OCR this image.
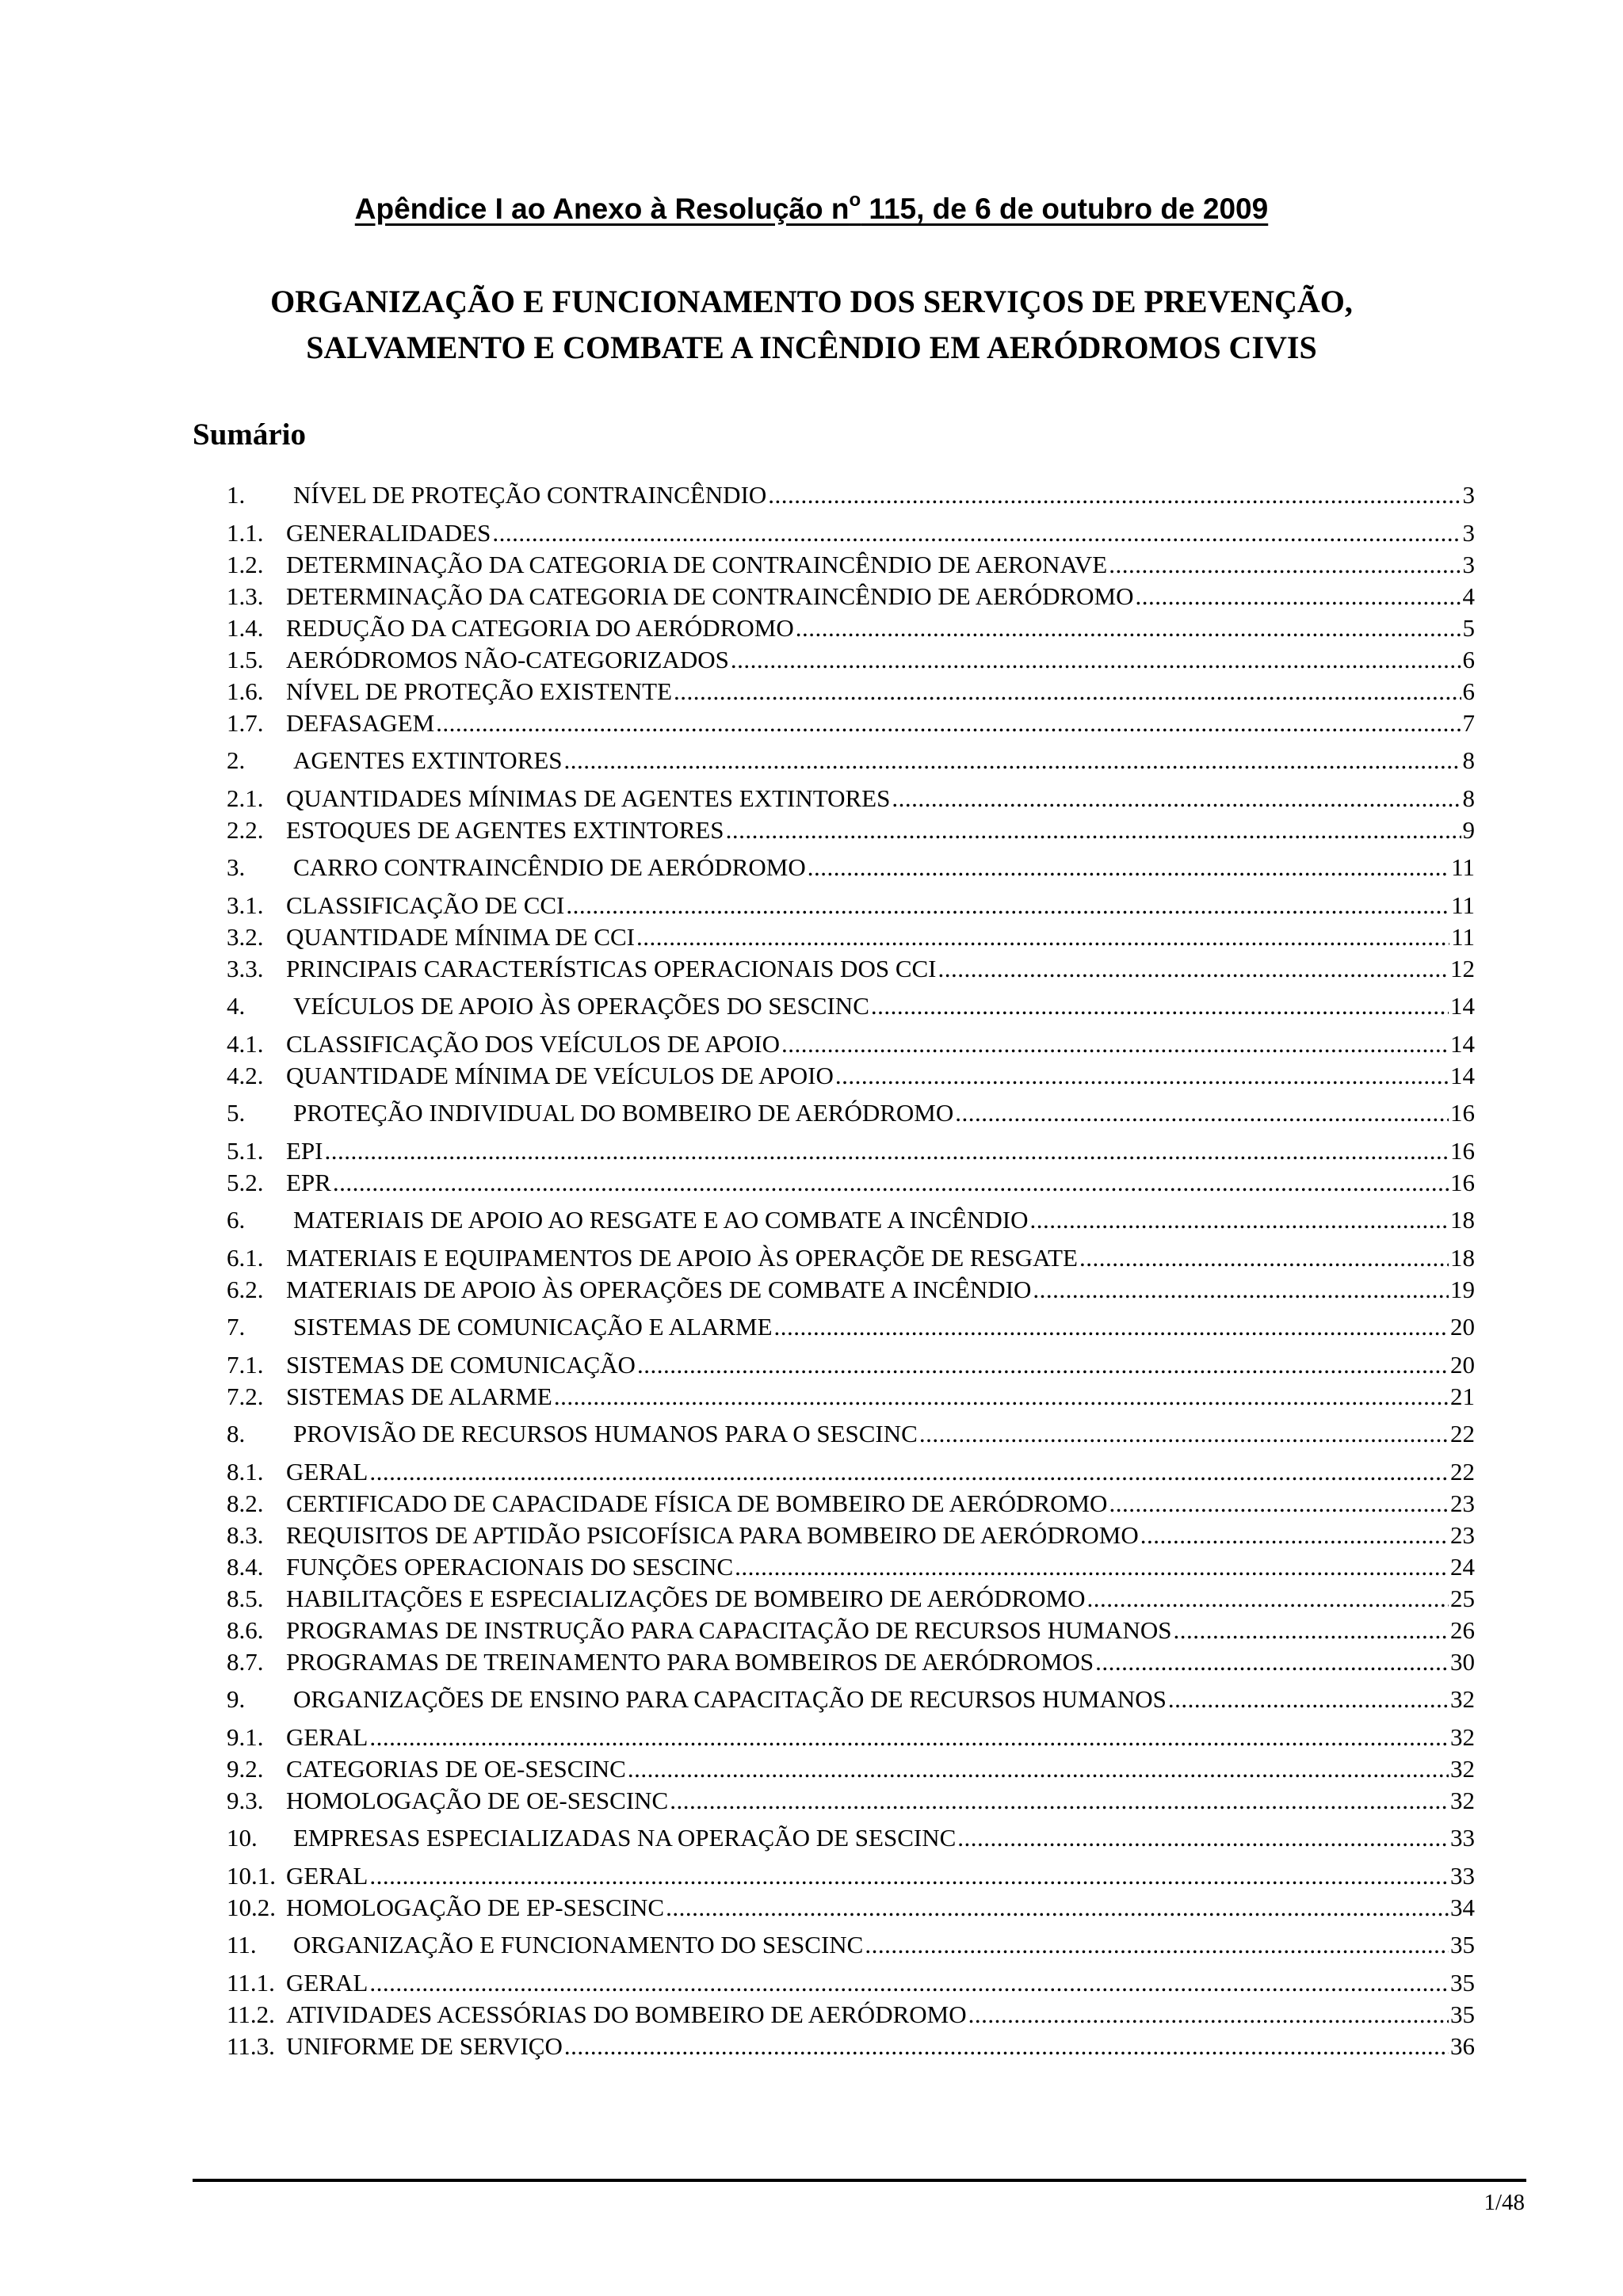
Apêndice I ao Anexo à Resolução $n^o$ 115, de 6 de outubro de 2009
ORGANIZAÇÃO E FUNCIONAMENTO DOS SERVIÇOS DE PREVENÇÃO,
SALVAMENTO E COMBATE A INCÊNDIO EM AERÓDROMOS CIVIS
Sumário
1.	NÍVEL DE PROTEÇÃO CONTRAINCÊNDIO .....	3
1.1. GENERALIDADES .....	3
1.2. DETERMINAÇÃO DA CATEGORIA DE CONTRAINCÊNDIO DE AERONAVE .....	3
1.3. DETERMINAÇÃO DA CATEGORIA DE CONTRAINCÊNDIO DE AERÓDROMO .....	4
1.4. REDUÇÃO DA CATEGORIA DO AERÓDROMO .....	5
1.5. AERÓDROMOS NÃO-CATEGORIZADOS .....	6
1.6. NÍVEL DE PROTEÇÃO EXISTENTE .....	6
1.7. DEFASAGEM .....	7
2.	AGENTES EXTINTORES .....	8
2.1. QUANTIDADES MÍNIMAS DE AGENTES EXTINTORES .....	8
2.2. ESTOQUES DE AGENTES EXTINTORES .....	9
3.	CARRO CONTRAINCÊNDIO DE AERÓDROMO .....	11
3.1. CLASSIFICAÇÃO DE CCI .....	11
3.2. QUANTIDADE MÍNIMA DE CCI .....	11
3.3. PRINCIPAIS CARACTERÍSTICAS OPERACIONAIS DOS CCI .....	12
4.	VEÍCULOS DE APOIO ÀS OPERAÇÕES DO SESCINC .....	14
4.1. CLASSIFICAÇÃO DOS VEÍCULOS DE APOIO .....	14
4.2. QUANTIDADE MÍNIMA DE VEÍCULOS DE APOIO .....	14
5.	PROTEÇÃO INDIVIDUAL DO BOMBEIRO DE AERÓDROMO .....	16
5.1. EPI .....	16
5.2. EPR .....	16
6.	MATERIAIS DE APOIO AO RESGATE E AO COMBATE A INCÊNDIO .....	18
6.1. MATERIAIS E EQUIPAMENTOS DE APOIO ÀS OPERAÇÕE DE RESGATE .....	18
6.2. MATERIAIS DE APOIO ÀS OPERAÇÕES DE COMBATE A INCÊNDIO .....	19
7.	SISTEMAS DE COMUNICAÇÃO E ALARME .....	20
7.1. SISTEMAS DE COMUNICAÇÃO .....	20
7.2. SISTEMAS DE ALARME .....	21
8.	PROVISÃO DE RECURSOS HUMANOS PARA O SESCINC .....	22
8.1. GERAL .....	22
8.2. CERTIFICADO DE CAPACIDADE FÍSICA DE BOMBEIRO DE AERÓDROMO .....	23
8.3. REQUISITOS DE APTIDÃO PSICOFÍSICA PARA BOMBEIRO DE AERÓDROMO .....	23
8.4. FUNÇÕES OPERACIONAIS DO SESCINC .....	24
8.5. HABILITAÇÕES E ESPECIALIZAÇÕES DE BOMBEIRO DE AERÓDROMO .....	25
8.6. PROGRAMAS DE INSTRUÇÃO PARA CAPACITAÇÃO DE RECURSOS HUMANOS .....	26
8.7. PROGRAMAS DE TREINAMENTO PARA BOMBEIROS DE AERÓDROMOS .....	30
9.	ORGANIZAÇÕES DE ENSINO PARA CAPACITAÇÃO DE RECURSOS HUMANOS .....	32
9.1. GERAL .....	32
9.2. CATEGORIAS DE OE-SESCINC .....	32
9.3. HOMOLOGAÇÃO DE OE-SESCINC .....	32
10.	EMPRESAS ESPECIALIZADAS NA OPERAÇÃO DE SESCINC .....	33
10.1. GERAL .....	33
10.2. HOMOLOGAÇÃO DE EP-SESCINC .....	34
11.	ORGANIZAÇÃO E FUNCIONAMENTO DO SESCINC .....	35
11.1. GERAL .....	35
11.2. ATIVIDADES ACESSÓRIAS DO BOMBEIRO DE AERÓDROMO .....	35
11.3. UNIFORME DE SERVIÇO .....	36
1/48
